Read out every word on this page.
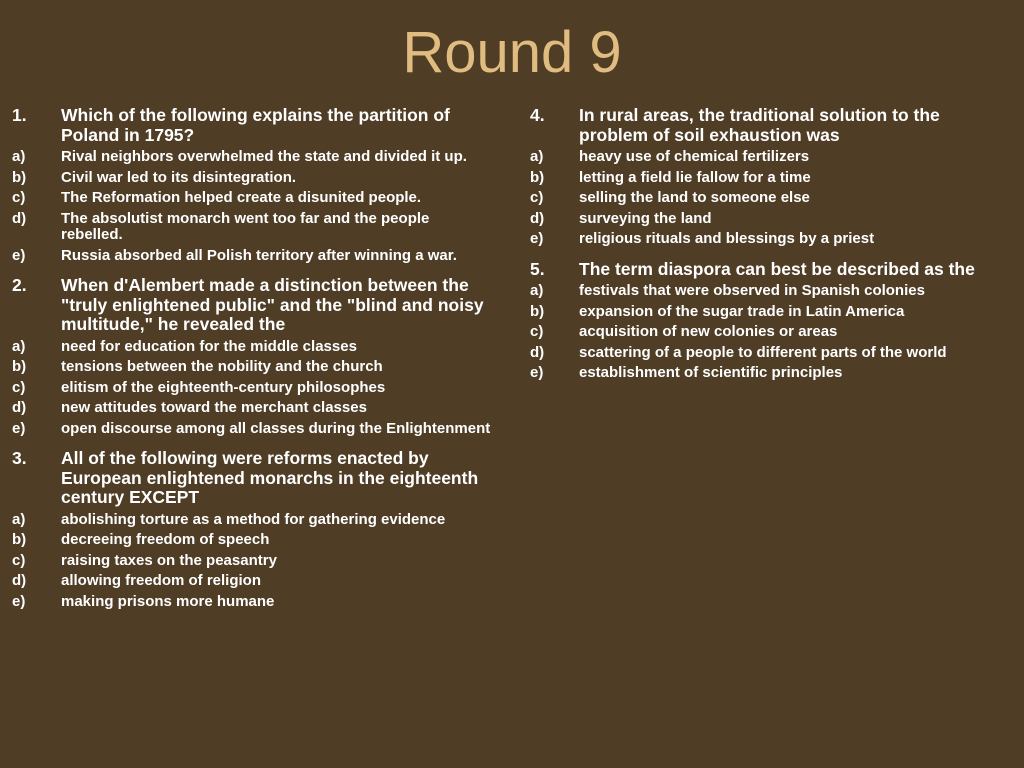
Round 9
1.	Which of the following explains the partition of Poland in 1795?
a)	Rival neighbors overwhelmed the state and divided it up.
b)	Civil war led to its disintegration.
c)	The Reformation helped create a disunited people.
d)	The absolutist monarch went too far and the people rebelled.
e)	Russia absorbed all Polish territory after winning a war.
2.	When d'Alembert made a distinction between the "truly enlightened public" and the "blind and noisy multitude," he revealed the
a)	need for education for the middle classes
b)	tensions between the nobility and the church
c)	elitism of the eighteenth-century philosophes
d)	new attitudes toward the merchant classes
e)	open discourse among all classes during the Enlightenment
3.	All of the following were reforms enacted by European enlightened monarchs in the eighteenth century EXCEPT
a)	abolishing torture as a method for gathering evidence
b)	decreeing freedom of speech
c)	raising taxes on the peasantry
d)	allowing freedom of religion
e)	making prisons more humane
4.	In rural areas, the traditional solution to the problem of soil exhaustion was
a)	heavy use of chemical fertilizers
b)	letting a field lie fallow for a time
c)	selling the land to someone else
d)	surveying the land
e)	religious rituals and blessings by a priest
5.	The term diaspora can best be described as the
a)	festivals that were observed in Spanish colonies
b)	expansion of the sugar trade in Latin America
c)	acquisition of new colonies or areas
d)	scattering of a people to different parts of the world
e)	establishment of scientific principles
